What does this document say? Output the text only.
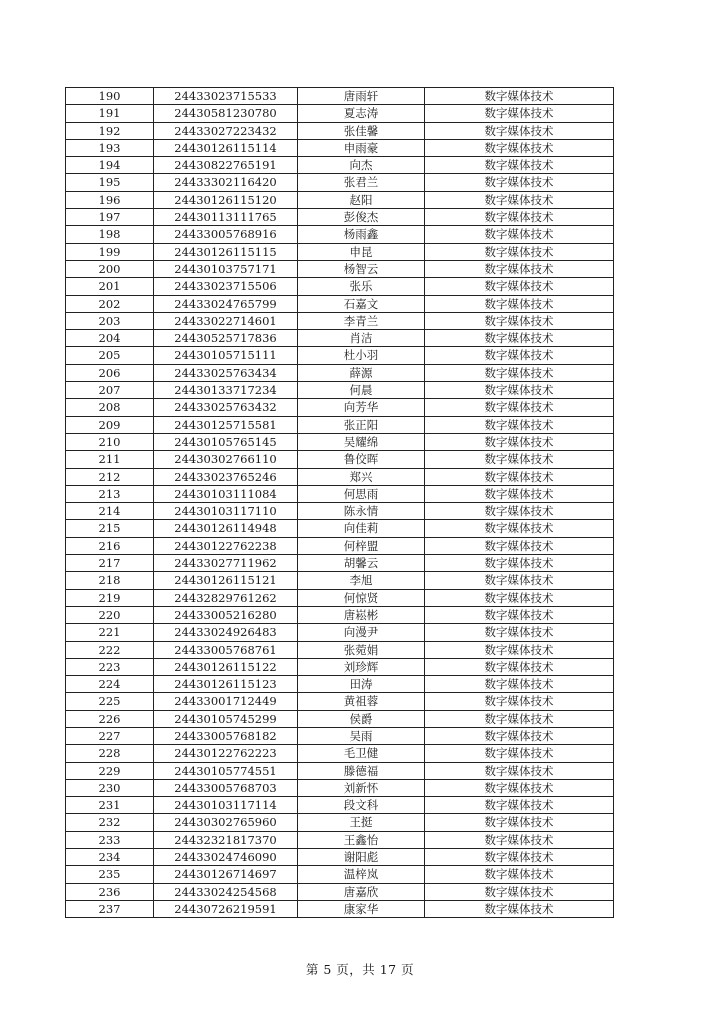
190	24433023715533	唐雨轩	数字媒体技术
191	24430581230780	夏志涛	数字媒体技术
192	24433027223432	张佳馨	数字媒体技术
193	24430126115114	申雨豪	数字媒体技术
194	24430822765191	向杰	数字媒体技术
195	24433302116420	张君兰	数字媒体技术
196	24430126115120	赵阳	数字媒体技术
197	24430113111765	彭俊杰	数字媒体技术
198	24433005768916	杨雨鑫	数字媒体技术
199	24430126115115	申昆	数字媒体技术
200	24430103757171	杨智云	数字媒体技术
201	24433023715506	张乐	数字媒体技术
202	24433024765799	石嘉文	数字媒体技术
203	24433022714601	李青兰	数字媒体技术
204	24430525717836	肖洁	数字媒体技术
205	24430105715111	杜小羽	数字媒体技术
206	24433025763434	薛源	数字媒体技术
207	24430133717234	何晨	数字媒体技术
208	24433025763432	向芳华	数字媒体技术
209	24430125715581	张正阳	数字媒体技术
210	24430105765145	吴耀绵	数字媒体技术
211	24430302766110	鲁佼晖	数字媒体技术
212	24433023765246	郑兴	数字媒体技术
213	24430103111084	何思雨	数字媒体技术
214	24430103117110	陈永情	数字媒体技术
215	24430126114948	向佳莉	数字媒体技术
216	24430122762238	何梓盟	数字媒体技术
217	24433027711962	胡馨云	数字媒体技术
218	24430126115121	李旭	数字媒体技术
219	24432829761262	何惊贤	数字媒体技术
220	24433005216280	唐崧彬	数字媒体技术
221	24433024926483	向漫尹	数字媒体技术
222	24433005768761	张菀娟	数字媒体技术
223	24430126115122	刘珍辉	数字媒体技术
224	24430126115123	田涛	数字媒体技术
225	24433001712449	黄祖蓉	数字媒体技术
226	24430105745299	侯爵	数字媒体技术
227	24433005768182	吴雨	数字媒体技术
228	24430122762223	毛卫健	数字媒体技术
229	24430105774551	滕德福	数字媒体技术
230	24433005768703	刘新怀	数字媒体技术
231	24430103117114	段文科	数字媒体技术
232	24430302765960	王挺	数字媒体技术
233	24432321817370	王鑫怡	数字媒体技术
234	24433024746090	谢阳彪	数字媒体技术
235	24430126714697	温梓岚	数字媒体技术
236	24433024254568	唐嘉欣	数字媒体技术
237	24430726219591	康家华	数字媒体技术
第 5 页，共 17 页
